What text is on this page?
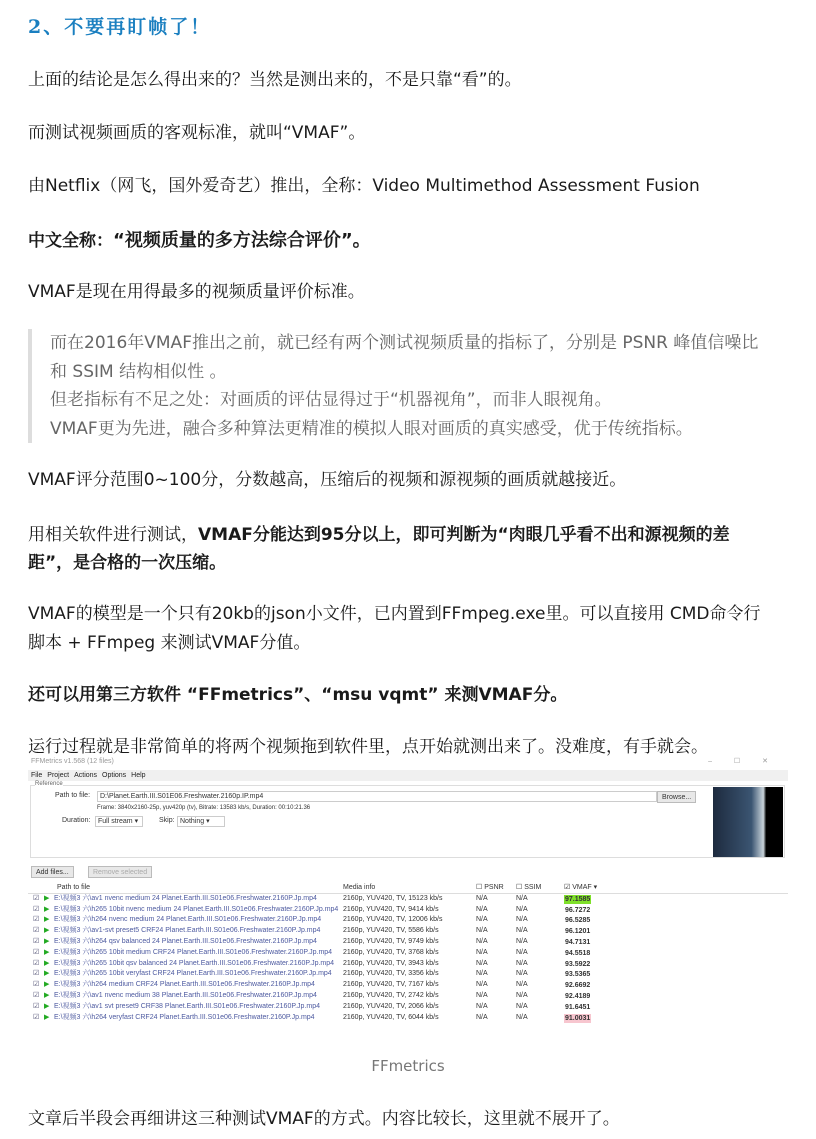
2、不要再盯帧了！
上面的结论是怎么得出来的？当然是测出来的，不是只靠“看”的。
而测试视频画质的客观标准，就叫“VMAF”。
由Netflix（网飞，国外爱奇艺）推出，全称：Video Multimethod Assessment Fusion
中文全称：“视频质量的多方法综合评价”。
VMAF是现在用得最多的视频质量评价标准。
而在2016年VMAF推出之前，就已经有两个测试视频质量的指标了，分别是 PSNR 峰值信噪比
和 SSIM 结构相似性 。
但老指标有不足之处：对画质的评估显得过于“机器视角”，而非人眼视角。
VMAF更为先进，融合多种算法更精准的模拟人眼对画质的真实感受，优于传统指标。
VMAF评分范围0~100分，分数越高，压缩后的视频和源视频的画质就越接近。
用相关软件进行测试，VMAF分能达到95分以上，即可判断为“肉眼几乎看不出和源视频的差
距”，是合格的一次压缩。
VMAF的模型是一个只有20kb的json小文件，已内置到FFmpeg.exe里。可以直接用 CMD命令行
脚本 + FFmpeg 来测试VMAF分值。
还可以用第三方软件 “FFmetrics”、“msu vqmt” 来测VMAF分。
运行过程就是非常简单的将两个视频拖到软件里，点开始就测出来了。没难度，有手就会。
FFMetrics v1.568 (12 files)	– ☐ ✕
File Project Actions Options Help
Reference
Path to file:	D:\Planet.Earth.III.S01E06.Freshwater.2160p.IP.mp4	Browse...
Frame: 3840x2160-25p, yuv420p (tv), Bitrate: 13583 kb/s, Duration: 00:10:21.36
Duration:	Full stream ▾	Skip: Nothing ▾
Add files...	Remove selected
Path to file	Media info	☐ PSNR ☐ SSIM	☑ VMAF ▾
☑ ▶ E:\视频3 六\av1 nvenc medium 24 Planet.Earth.III.S01e06.Freshwater.2160P.Jp.mp4	2160p, YUV420, TV, 15123 kb/s	N/A	N/A	97.1585
☑ ▶ E:\视频3 六\h265 10bit nvenc medium 24 Planet.Earth.III.S01e06.Freshwater.2160P.Jp.mp4 2160p, YUV420, TV, 9414 kb/s	N/A	N/A	96.7272
☑ ▶ E:\视频3 六\h264 nvenc medium 24 Planet.Earth.III.S01e06.Freshwater.2160P.Jp.mp4	2160p, YUV420, TV, 12006 kb/s	N/A	N/A	96.5285
☑ ▶ E:\视频3 六\av1-svt preset5 CRF24 Planet.Earth.III.S01e06.Freshwater.2160P.Jp.mp4	2160p, YUV420, TV, 5586 kb/s	N/A	N/A	96.1201
☑ ▶ E:\视频3 六\h264 qsv balanced 24 Planet.Earth.III.S01e06.Freshwater.2160P.Jp.mp4	2160p, YUV420, TV, 9749 kb/s	N/A	N/A	94.7131
☑ ▶ E:\视频3 六\h265 10bit medium CRF24 Planet.Earth.III.S01e06.Freshwater.2160P.Jp.mp4 2160p, YUV420, TV, 3768 kb/s	N/A	N/A	94.5518
☑ ▶ E:\视频3 六\h265 10bit qsv balanced 24 Planet.Earth.III.S01e06.Freshwater.2160P.Jp.mp4 2160p, YUV420, TV, 3943 kb/s	N/A	N/A	93.5922
☑ ▶ E:\视频3 六\h265 10bit veryfast CRF24 Planet.Earth.III.S01e06.Freshwater.2160P.Jp.mp4 2160p, YUV420, TV, 3356 kb/s	N/A	N/A	93.5365
☑ ▶ E:\视频3 六\h264 medium CRF24 Planet.Earth.III.S01e06.Freshwater.2160P.Jp.mp4	2160p, YUV420, TV, 7167 kb/s	N/A	N/A	92.6692
☑ ▶ E:\视频3 六\av1 nvenc medium 38 Planet.Earth.III.S01e06.Freshwater.2160P.Jp.mp4	2160p, YUV420, TV, 2742 kb/s	N/A	N/A	92.4189
☑ ▶ E:\视频3 六\av1 svt preset9 CRF38 Planet.Earth.III.S01e06.Freshwater.2160P.Jp.mp4	2160p, YUV420, TV, 2066 kb/s	N/A	N/A	91.6451
☑ ▶ E:\视频3 六\h264 veryfast CRF24 Planet.Earth.III.S01e06.Freshwater.2160P.Jp.mp4	2160p, YUV420, TV, 6044 kb/s	N/A	N/A	91.0031
FFmetrics
文章后半段会再细讲这三种测试VMAF的方式。内容比较长，这里就不展开了。
